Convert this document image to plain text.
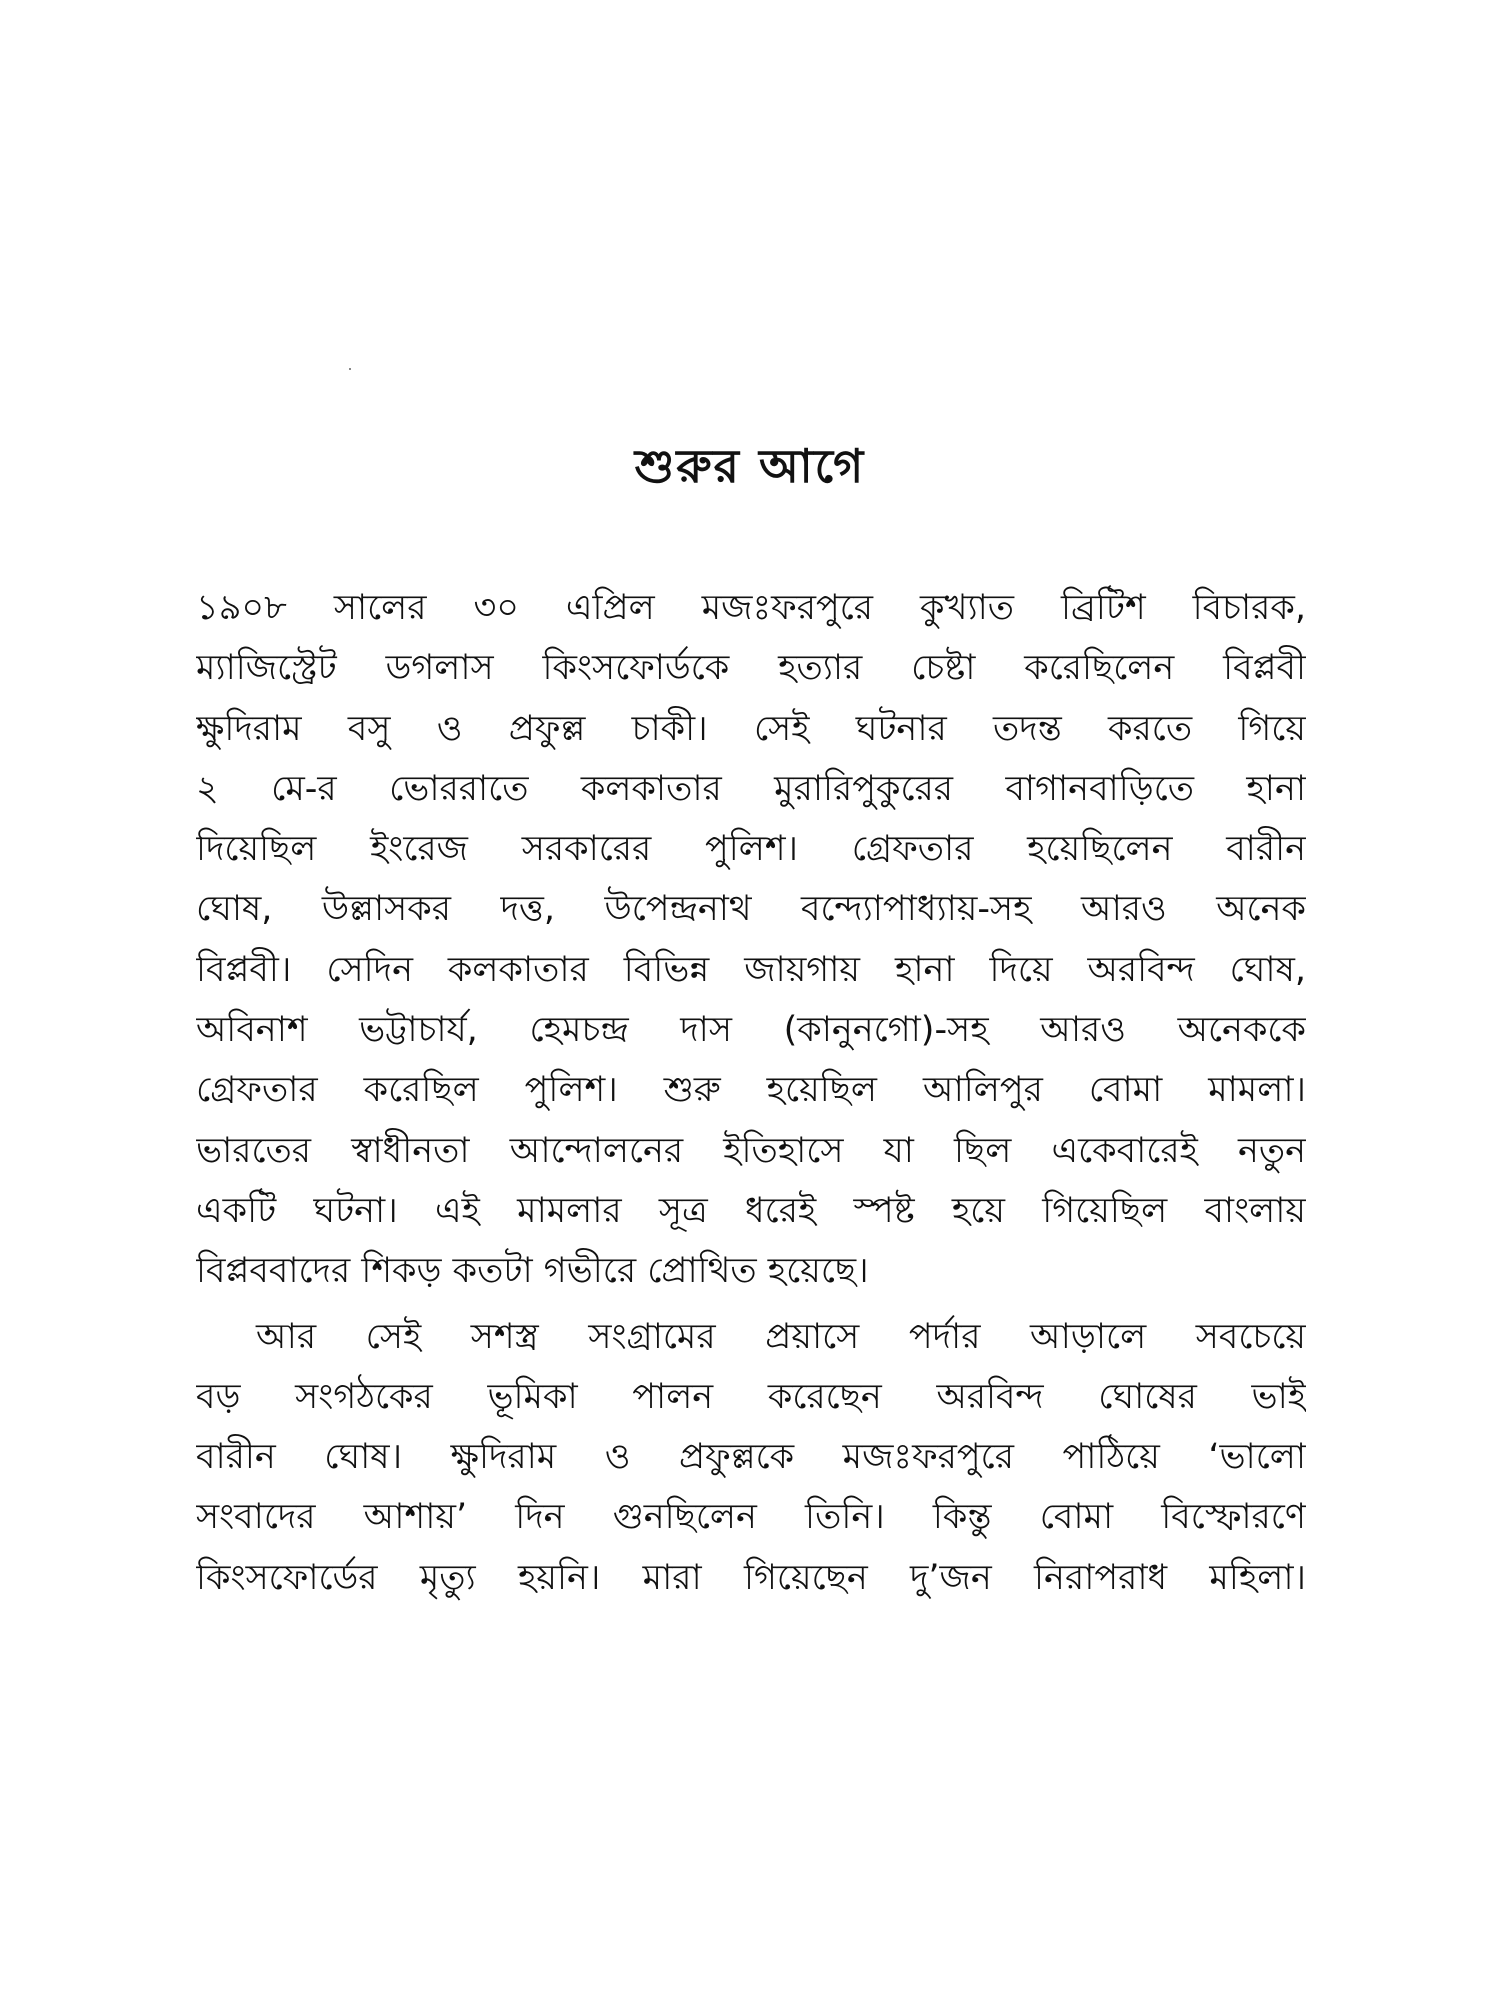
শুরুর আগে
১৯০৮ সালের ৩০ এপ্রিল মজঃফরপুরে কুখ্যাত ব্রিটিশ বিচারক,
ম্যাজিস্ট্রেট ডগলাস কিংসফোর্ডকে হত্যার চেষ্টা করেছিলেন বিপ্লবী
ক্ষুদিরাম বসু ও প্রফুল্ল চাকী। সেই ঘটনার তদন্ত করতে গিয়ে
২ মে-র ভোররাতে কলকাতার মুরারিপুকুরের বাগানবাড়িতে হানা
দিয়েছিল ইংরেজ সরকারের পুলিশ। গ্রেফতার হয়েছিলেন বারীন
ঘোষ, উল্লাসকর দত্ত, উপেন্দ্রনাথ বন্দ্যোপাধ্যায়-সহ আরও অনেক
বিপ্লবী। সেদিন কলকাতার বিভিন্ন জায়গায় হানা দিয়ে অরবিন্দ ঘোষ,
অবিনাশ ভট্টাচার্য, হেমচন্দ্র দাস (কানুনগো)-সহ আরও অনেককে
গ্রেফতার করেছিল পুলিশ। শুরু হয়েছিল আলিপুর বোমা মামলা।
ভারতের স্বাধীনতা আন্দোলনের ইতিহাসে যা ছিল একেবারেই নতুন
একটি ঘটনা। এই মামলার সূত্র ধরেই স্পষ্ট হয়ে গিয়েছিল বাংলায়
বিপ্লববাদের শিকড় কতটা গভীরে প্রোথিত হয়েছে।
আর সেই সশস্ত্র সংগ্রামের প্রয়াসে পর্দার আড়ালে সবচেয়ে
বড় সংগঠকের ভূমিকা পালন করেছেন অরবিন্দ ঘোষের ভাই
বারীন ঘোষ। ক্ষুদিরাম ও প্রফুল্লকে মজঃফরপুরে পাঠিয়ে ‘ভালো
সংবাদের আশায়’ দিন গুনছিলেন তিনি। কিন্তু বোমা বিস্ফোরণে
কিংসফোর্ডের মৃত্যু হয়নি। মারা গিয়েছেন দু’জন নিরাপরাধ মহিলা।
